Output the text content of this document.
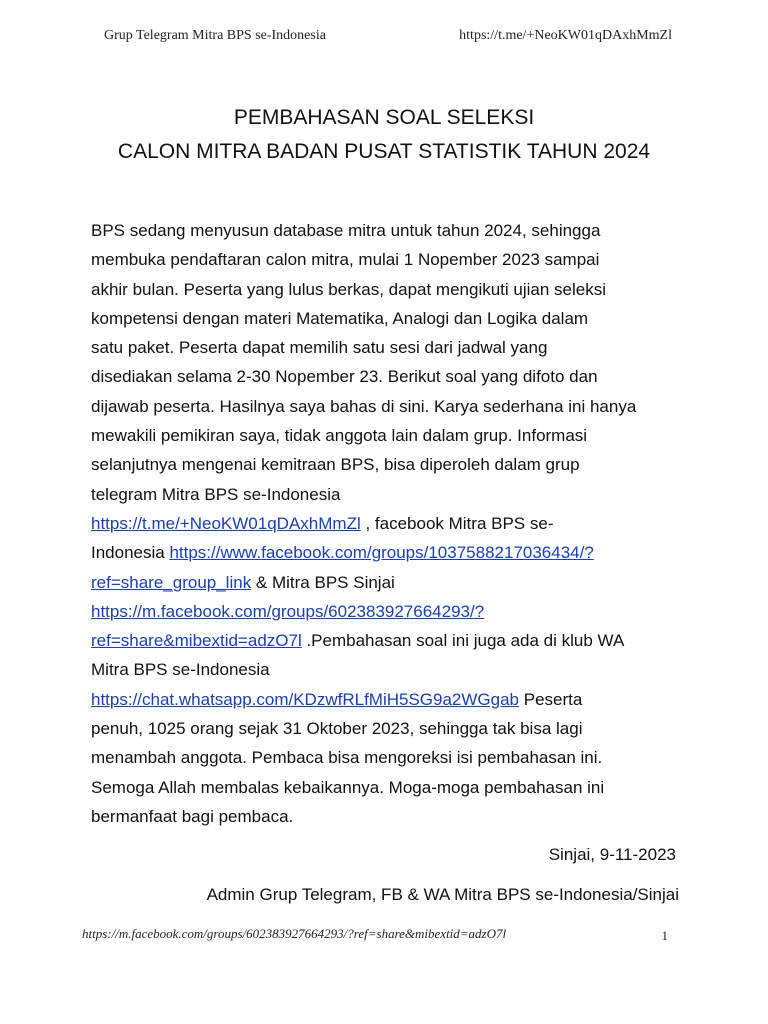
Grup Telegram Mitra BPS se-Indonesia	https://t.me/+NeoKW01qDAxhMmZl
PEMBAHASAN SOAL SELEKSI
CALON MITRA BADAN PUSAT STATISTIK TAHUN 2024
BPS sedang menyusun database mitra untuk tahun 2024, sehingga
membuka pendaftaran calon mitra, mulai 1 Nopember 2023 sampai
akhir bulan. Peserta yang lulus berkas, dapat mengikuti ujian seleksi
kompetensi dengan materi Matematika, Analogi dan Logika dalam
satu paket. Peserta dapat memilih satu sesi dari jadwal yang
disediakan selama 2-30 Nopember 23. Berikut soal yang difoto dan
dijawab peserta. Hasilnya saya bahas di sini. Karya sederhana ini hanya
mewakili pemikiran saya, tidak anggota lain dalam grup. Informasi
selanjutnya mengenai kemitraan BPS, bisa diperoleh dalam grup
telegram Mitra BPS se-Indonesia
https://t.me/+NeoKW01qDAxhMmZl , facebook Mitra BPS se-
Indonesia https://www.facebook.com/groups/1037588217036434/?
ref=share_group_link & Mitra BPS Sinjai
https://m.facebook.com/groups/602383927664293/?
ref=share&mibextid=adzO7l .Pembahasan soal ini juga ada di klub WA
Mitra BPS se-Indonesia
https://chat.whatsapp.com/KDzwfRLfMiH5SG9a2WGgab Peserta
penuh, 1025 orang sejak 31 Oktober 2023, sehingga tak bisa lagi
menambah anggota. Pembaca bisa mengoreksi isi pembahasan ini.
Semoga Allah membalas kebaikannya. Moga-moga pembahasan ini
bermanfaat bagi pembaca.
Sinjai, 9-11-2023
Admin Grup Telegram, FB & WA Mitra BPS se-Indonesia/Sinjai
https://m.facebook.com/groups/602383927664293/?ref=share&mibextid=adzO7l	1
